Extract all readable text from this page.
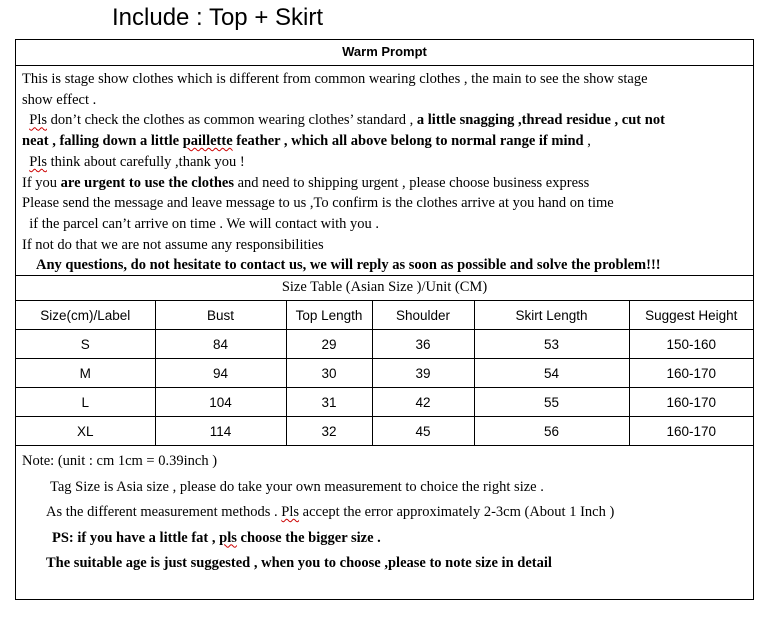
Include : Top + Skirt
Warm Prompt

This is stage show clothes which is different from common wearing clothes , the main to see the show stage

show effect .

Pls don’t check the clothes as common wearing clothes’ standard , a little snagging ,thread residue , cut not

neat , falling down a little paillette feather , which all above belong to normal range if mind ,

Pls think about carefully ,thank you !

If you are urgent to use the clothes and need to shipping urgent , please choose business express

Please send the message and leave message to us ,To confirm is the clothes arrive at you hand on time

if the parcel can’t arrive on time . We will contact with you .

If not do that we are not assume any responsibilities

Any questions, do not hesitate to contact us, we will reply as soon as possible and solve the problem!!!

Size Table (Asian Size )/Unit (CM)
Size(cm)/Label	Bust	Top Length	Shoulder	Skirt Length	Suggest Height
S	84	29	36	53	150-160
M	94	30	39	54	160-170
L	104	31	42	55	160-170
XL	114	32	45	56	160-170

Note: (unit : cm 1cm = 0.39inch )

Tag Size is Asia size , please do take your own measurement to choice the right size .

As the different measurement methods . Pls accept the error approximately 2-3cm (About 1 Inch )

PS: if you have a little fat , pls choose the bigger size .

The suitable age is just suggested , when you to choose ,please to note size in detail
